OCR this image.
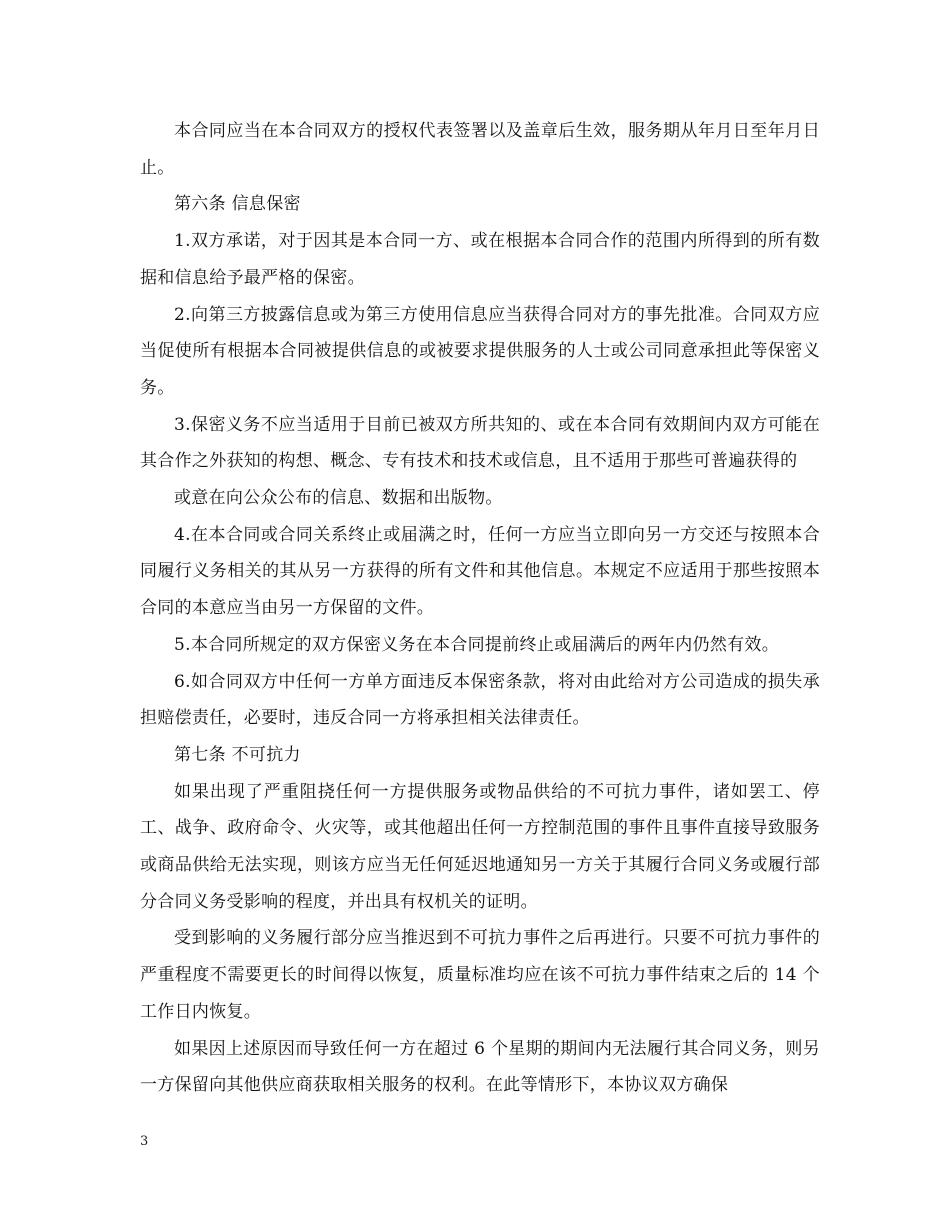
本合同应当在本合同双方的授权代表签署以及盖章后生效，服务期从年月日至年月日止。

第六条 信息保密

1.双方承诺，对于因其是本合同一方、或在根据本合同合作的范围内所得到的所有数据和信息给予最严格的保密。

2.向第三方披露信息或为第三方使用信息应当获得合同对方的事先批准。合同双方应当促使所有根据本合同被提供信息的或被要求提供服务的人士或公司同意承担此等保密义务。

3.保密义务不应当适用于目前已被双方所共知的、或在本合同有效期间内双方可能在其合作之外获知的构想、概念、专有技术和技术或信息，且不适用于那些可普遍获得的

或意在向公众公布的信息、数据和出版物。

4.在本合同或合同关系终止或届满之时，任何一方应当立即向另一方交还与按照本合同履行义务相关的其从另一方获得的所有文件和其他信息。本规定不应适用于那些按照本合同的本意应当由另一方保留的文件。

5.本合同所规定的双方保密义务在本合同提前终止或届满后的两年内仍然有效。

6.如合同双方中任何一方单方面违反本保密条款，将对由此给对方公司造成的损失承担赔偿责任，必要时，违反合同一方将承担相关法律责任。

第七条 不可抗力

如果出现了严重阻挠任何一方提供服务或物品供给的不可抗力事件，诸如罢工、停工、战争、政府命令、火灾等，或其他超出任何一方控制范围的事件且事件直接导致服务或商品供给无法实现，则该方应当无任何延迟地通知另一方关于其履行合同义务或履行部分合同义务受影响的程度，并出具有权机关的证明。

受到影响的义务履行部分应当推迟到不可抗力事件之后再进行。只要不可抗力事件的严重程度不需要更长的时间得以恢复，质量标准均应在该不可抗力事件结束之后的 14 个工作日内恢复。

如果因上述原因而导致任何一方在超过 6 个星期的期间内无法履行其合同义务，则另一方保留向其他供应商获取相关服务的权利。在此等情形下，本协议双方确保

3
